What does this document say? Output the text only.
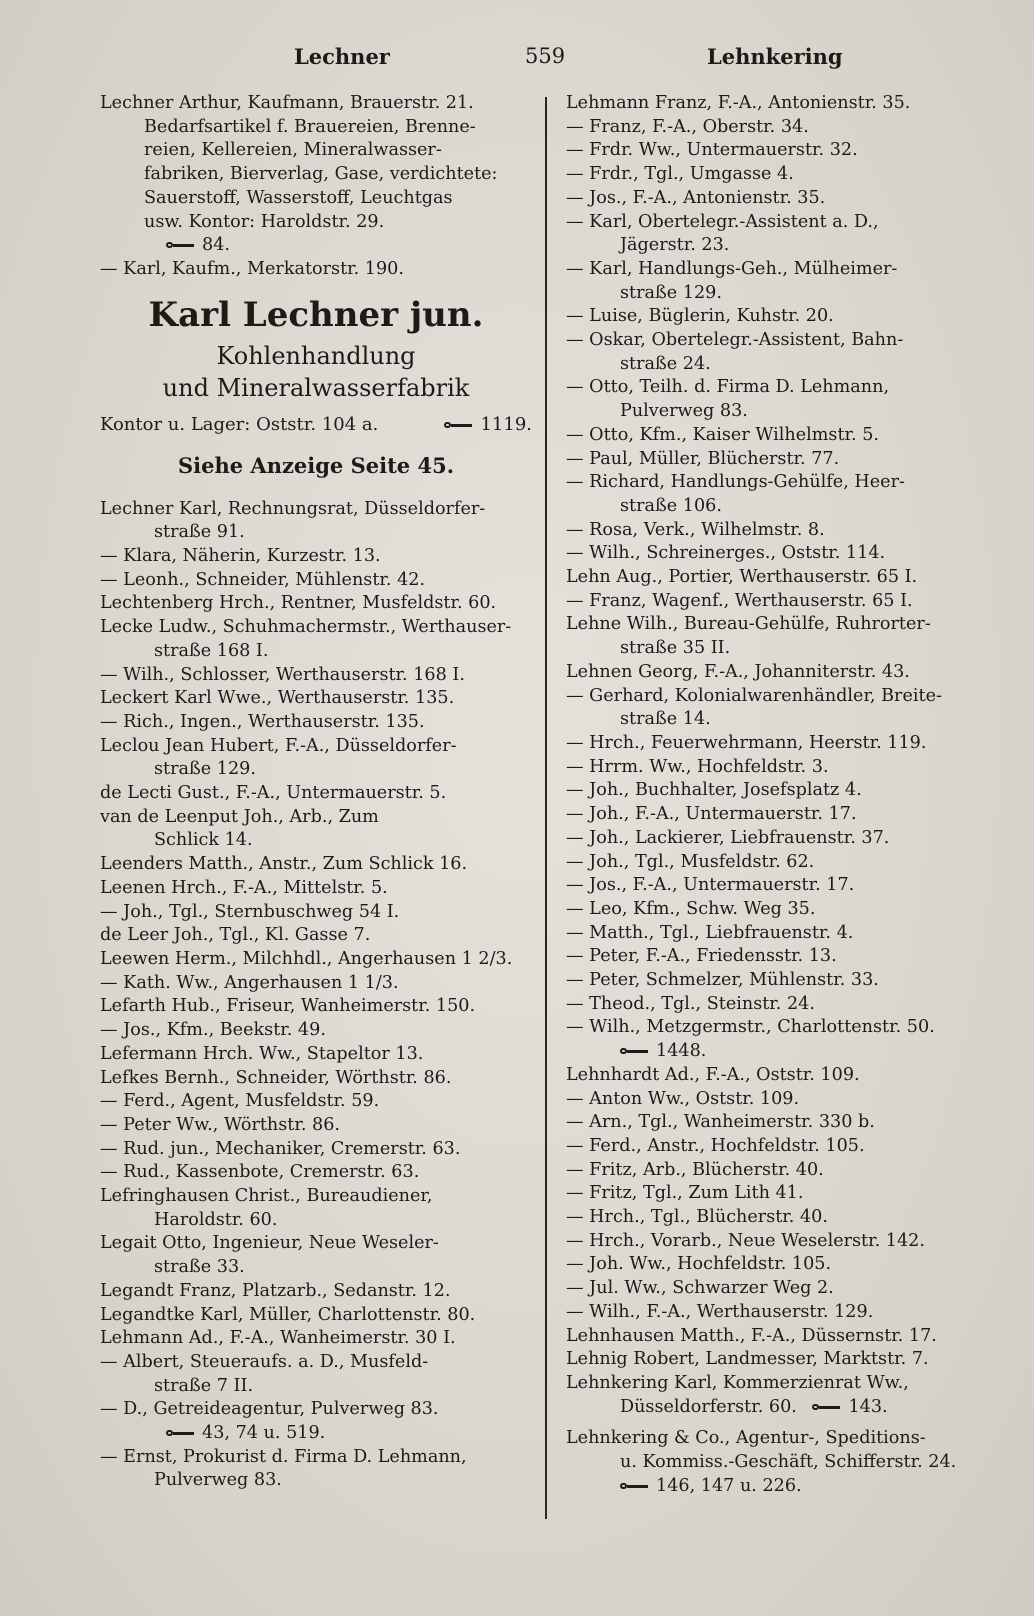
Lechner	559	Lehnkering
Lechner Arthur, Kaufmann, Brauerstr. 21.
Bedarfsartikel f. Brauereien, Brenne-
reien, Kellereien, Mineralwasser-
fabriken, Bierverlag, Gase, verdichtete:
Sauerstoff, Wasserstoff, Leuchtgas
usw. Kontor: Haroldstr. 29.
84.
— Karl, Kaufm., Merkatorstr. 190.
Karl Lechner jun.
Kohlenhandlung
und Mineralwasserfabrik
Kontor u. Lager: Oststr. 104 a.	1119.
Siehe Anzeige Seite 45.
Lechner Karl, Rechnungsrat, Düsseldorfer-
straße 91.
— Klara, Näherin, Kurzestr. 13.
— Leonh., Schneider, Mühlenstr. 42.
Lechtenberg Hrch., Rentner, Musfeldstr. 60.
Lecke Ludw., Schuhmachermstr., Werthauser-
straße 168 I.
— Wilh., Schlosser, Werthauserstr. 168 I.
Leckert Karl Wwe., Werthauserstr. 135.
— Rich., Ingen., Werthauserstr. 135.
Leclou Jean Hubert, F.-A., Düsseldorfer-
straße 129.
de Lecti Gust., F.-A., Untermauerstr. 5.
van de Leenput Joh., Arb., Zum
Schlick 14.
Leenders Matth., Anstr., Zum Schlick 16.
Leenen Hrch., F.-A., Mittelstr. 5.
— Joh., Tgl., Sternbuschweg 54 I.
de Leer Joh., Tgl., Kl. Gasse 7.
Leewen Herm., Milchhdl., Angerhausen 1 2/3.
— Kath. Ww., Angerhausen 1 1/3.
Lefarth Hub., Friseur, Wanheimerstr. 150.
— Jos., Kfm., Beekstr. 49.
Lefermann Hrch. Ww., Stapeltor 13.
Lefkes Bernh., Schneider, Wörthstr. 86.
— Ferd., Agent, Musfeldstr. 59.
— Peter Ww., Wörthstr. 86.
— Rud. jun., Mechaniker, Cremerstr. 63.
— Rud., Kassenbote, Cremerstr. 63.
Lefringhausen Christ., Bureaudiener,
Haroldstr. 60.
Legait Otto, Ingenieur, Neue Weseler-
straße 33.
Legandt Franz, Platzarb., Sedanstr. 12.
Legandtke Karl, Müller, Charlottenstr. 80.
Lehmann Ad., F.-A., Wanheimerstr. 30 I.
— Albert, Steueraufs. a. D., Musfeld-
straße 7 II.
— D., Getreideagentur, Pulverweg 83.
43, 74 u. 519.
— Ernst, Prokurist d. Firma D. Lehmann,
Pulverweg 83.
Lehmann Franz, F.-A., Antonienstr. 35.
— Franz, F.-A., Oberstr. 34.
— Frdr. Ww., Untermauerstr. 32.
— Frdr., Tgl., Umgasse 4.
— Jos., F.-A., Antonienstr. 35.
— Karl, Obertelegr.-Assistent a. D.,
Jägerstr. 23.
— Karl, Handlungs-Geh., Mülheimer-
straße 129.
— Luise, Büglerin, Kuhstr. 20.
— Oskar, Obertelegr.-Assistent, Bahn-
straße 24.
— Otto, Teilh. d. Firma D. Lehmann,
Pulverweg 83.
— Otto, Kfm., Kaiser Wilhelmstr. 5.
— Paul, Müller, Blücherstr. 77.
— Richard, Handlungs-Gehülfe, Heer-
straße 106.
— Rosa, Verk., Wilhelmstr. 8.
— Wilh., Schreinerges., Oststr. 114.
Lehn Aug., Portier, Werthauserstr. 65 I.
— Franz, Wagenf., Werthauserstr. 65 I.
Lehne Wilh., Bureau-Gehülfe, Ruhrorter-
straße 35 II.
Lehnen Georg, F.-A., Johanniterstr. 43.
— Gerhard, Kolonialwarenhändler, Breite-
straße 14.
— Hrch., Feuerwehrmann, Heerstr. 119.
— Hrrm. Ww., Hochfeldstr. 3.
— Joh., Buchhalter, Josefsplatz 4.
— Joh., F.-A., Untermauerstr. 17.
— Joh., Lackierer, Liebfrauenstr. 37.
— Joh., Tgl., Musfeldstr. 62.
— Jos., F.-A., Untermauerstr. 17.
— Leo, Kfm., Schw. Weg 35.
— Matth., Tgl., Liebfrauenstr. 4.
— Peter, F.-A., Friedensstr. 13.
— Peter, Schmelzer, Mühlenstr. 33.
— Theod., Tgl., Steinstr. 24.
— Wilh., Metzgermstr., Charlottenstr. 50.
1448.
Lehnhardt Ad., F.-A., Oststr. 109.
— Anton Ww., Oststr. 109.
— Arn., Tgl., Wanheimerstr. 330 b.
— Ferd., Anstr., Hochfeldstr. 105.
— Fritz, Arb., Blücherstr. 40.
— Fritz, Tgl., Zum Lith 41.
— Hrch., Tgl., Blücherstr. 40.
— Hrch., Vorarb., Neue Weselerstr. 142.
— Joh. Ww., Hochfeldstr. 105.
— Jul. Ww., Schwarzer Weg 2.
— Wilh., F.-A., Werthauserstr. 129.
Lehnhausen Matth., F.-A., Düssernstr. 17.
Lehnig Robert, Landmesser, Marktstr. 7.
Lehnkering Karl, Kommerzienrat Ww.,
Düsseldorferstr. 60.	143.
Lehnkering & Co., Agentur-, Speditions-
u. Kommiss.-Geschäft, Schifferstr. 24.
146, 147 u. 226.
